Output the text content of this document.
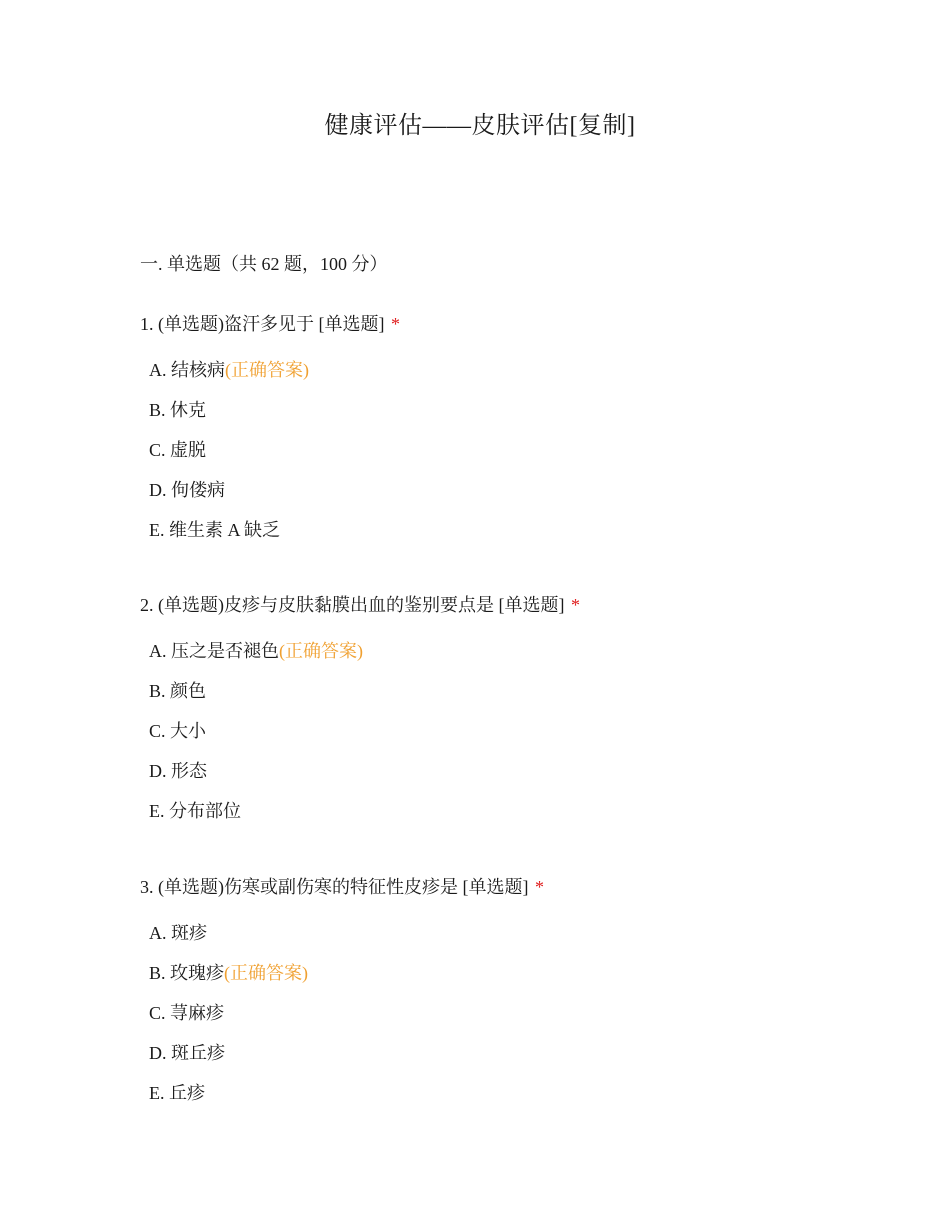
健康评估——皮肤评估[复制]
一. 单选题（共 62 题，100 分）

1. (单选题)盗汗多见于 [单选题] *

A. 结核病(正确答案)
B. 休克
C. 虚脱
D. 佝偻病
E. 维生素 A 缺乏

2. (单选题)皮疹与皮肤黏膜出血的鉴别要点是 [单选题] *

A. 压之是否褪色(正确答案)
B. 颜色
C. 大小
D. 形态
E. 分布部位

3. (单选题)伤寒或副伤寒的特征性皮疹是 [单选题] *

A. 斑疹
B. 玫瑰疹(正确答案)
C. 荨麻疹
D. 斑丘疹
E. 丘疹
